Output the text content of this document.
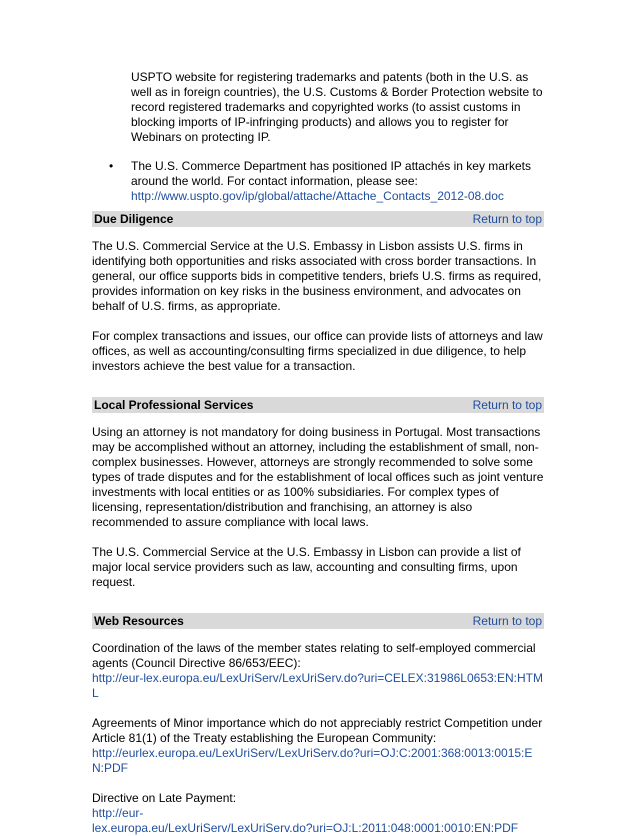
USPTO website for registering trademarks and patents (both in the U.S. as well as in foreign countries), the U.S. Customs & Border Protection website to record registered trademarks and copyrighted works (to assist customs in blocking imports of IP-infringing products) and allows you to register for Webinars on protecting IP.
• The U.S. Commerce Department has positioned IP attachés in key markets around the world. For contact information, please see:
http://www.uspto.gov/ip/global/attache/Attache_Contacts_2012-08.doc
Due Diligence	Return to top
The U.S. Commercial Service at the U.S. Embassy in Lisbon assists U.S. firms in identifying both opportunities and risks associated with cross border transactions. In general, our office supports bids in competitive tenders, briefs U.S. firms as required, provides information on key risks in the business environment, and advocates on behalf of U.S. firms, as appropriate.
For complex transactions and issues, our office can provide lists of attorneys and law offices, as well as accounting/consulting firms specialized in due diligence, to help investors achieve the best value for a transaction.
Local Professional Services	Return to top
Using an attorney is not mandatory for doing business in Portugal. Most transactions may be accomplished without an attorney, including the establishment of small, non-complex businesses. However, attorneys are strongly recommended to solve some types of trade disputes and for the establishment of local offices such as joint venture investments with local entities or as 100% subsidiaries. For complex types of licensing, representation/distribution and franchising, an attorney is also recommended to assure compliance with local laws.
The U.S. Commercial Service at the U.S. Embassy in Lisbon can provide a list of major local service providers such as law, accounting and consulting firms, upon request.
Web Resources	Return to top
Coordination of the laws of the member states relating to self-employed commercial agents (Council Directive 86/653/EEC):
http://eur-lex.europa.eu/LexUriServ/LexUriServ.do?uri=CELEX:31986L0653:EN:HTML
Agreements of Minor importance which do not appreciably restrict Competition under Article 81(1) of the Treaty establishing the European Community:
http://eurlex.europa.eu/LexUriServ/LexUriServ.do?uri=OJ:C:2001:368:0013:0015:EN:PDF
Directive on Late Payment:
http://eur-
lex.europa.eu/LexUriServ/LexUriServ.do?uri=OJ:L:2011:048:0001:0010:EN:PDF
